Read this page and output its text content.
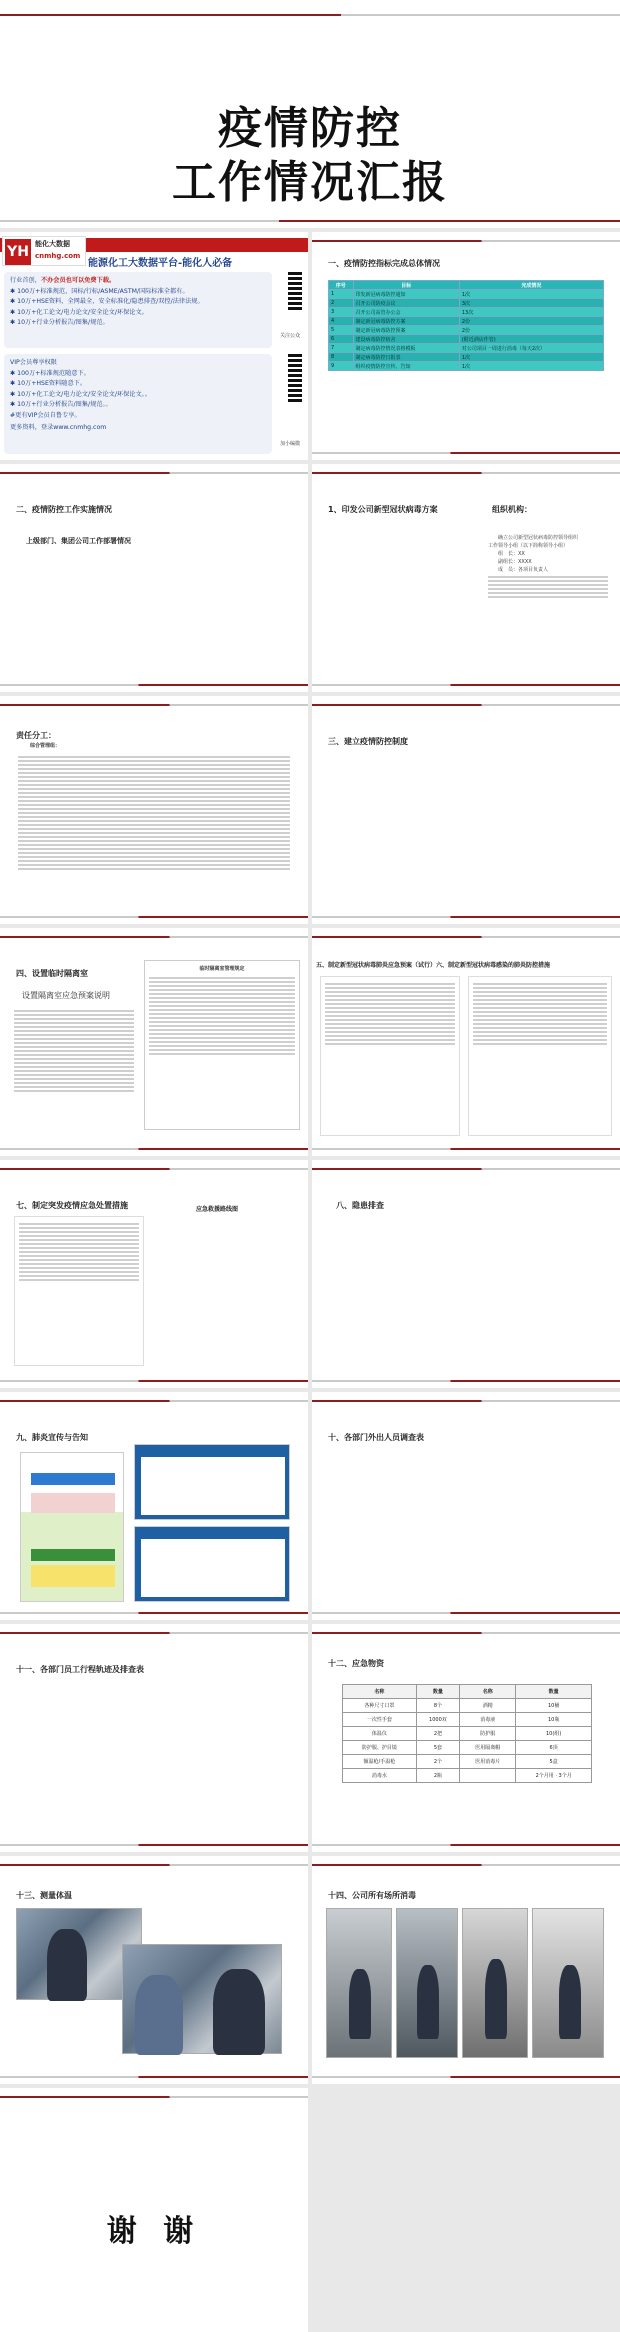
疫情防控
工作情况汇报
YH 能化大数据
cnmhg.com
能源化工大数据平台-能化人必备
行业首创，不办会员也可以免费下载。
✱ 100万+标准规范，国标/行标/ASME/ASTM/国际标准全都有。
✱ 10万+HSE资料，全网最全，安全标准化/隐患排查/双控/法律法规。
✱ 10万+化工论文/电力论文/安全论文/环保论文。
✱ 10万+行业分析报告/图集/规范。
VIP会员尊享权限
✱ 100万+标准规范随意下。
✱ 10万+HSE资料随意下。
✱ 10万+化工论文/电力论文/安全论文/环保论文。。
✱ 10万+行业分析报告/图集/规范。。
#更有VIP会员自鲁专享。
更多资料，登录www.cnmhg.com
关注公众
加小编微
一、疫情防控指标完成总体情况
序号	目标	完成情况
1	印发新冠病毒防控通知	1次
2	召开公司防疫会议	3次
3	召开公司高管办公会	13次
4	制定新冠病毒防控方案	2份
5	制定新冠病毒防控预案	2份
6	建设病毒防控宿舍	(附近酒店作管)
7	制定病毒防控情况表格模板	对公司项目一周进行消毒（每天2次）
8	制定病毒防控日报表	1次
9	组织疫情防控宣传、告知	1次
二、疫情防控工作实施情况
上级部门、集团公司工作部署情况
1、印发公司新型冠状病毒方案	组织机构：
　　确立公司新型冠状病毒防控领导组织
工作领导小组（以下简称领导小组）
　　组　长：XX
　　副组长：XXXX
　　成　员：各项目负责人
责任分工：
综合管理组：	三、建立疫情防控制度
四、设置临时隔离室
设置隔离室应急预案说明
临时隔离室管理规定	五、制定新型冠状病毒肺炎应急预案（试行）六、制定新型冠状病毒感染的肺炎防控措施
七、制定突发疫情应急处置措施	应急救援路线图	八、隐患排查
九、肺炎宣传与告知	十、各部门外出人员调查表
十一、各部门员工行程轨迹及排查表
十二、应急物资
名称	数量	名称	数量
各种尺寸口罩	8个	酒精	10桶
一次性手套	1000双	消毒液	10瓶
体温仪	2把	防护服	10(组)
防护服、护目镜	5套	医用隔离帽	6顶
额温枪/手温枪	2个	医用消毒片	5盒
消毒水	2瓶		2个月用 · 3个月
十三、测量体温	十四、公司所有场所消毒
谢 谢
